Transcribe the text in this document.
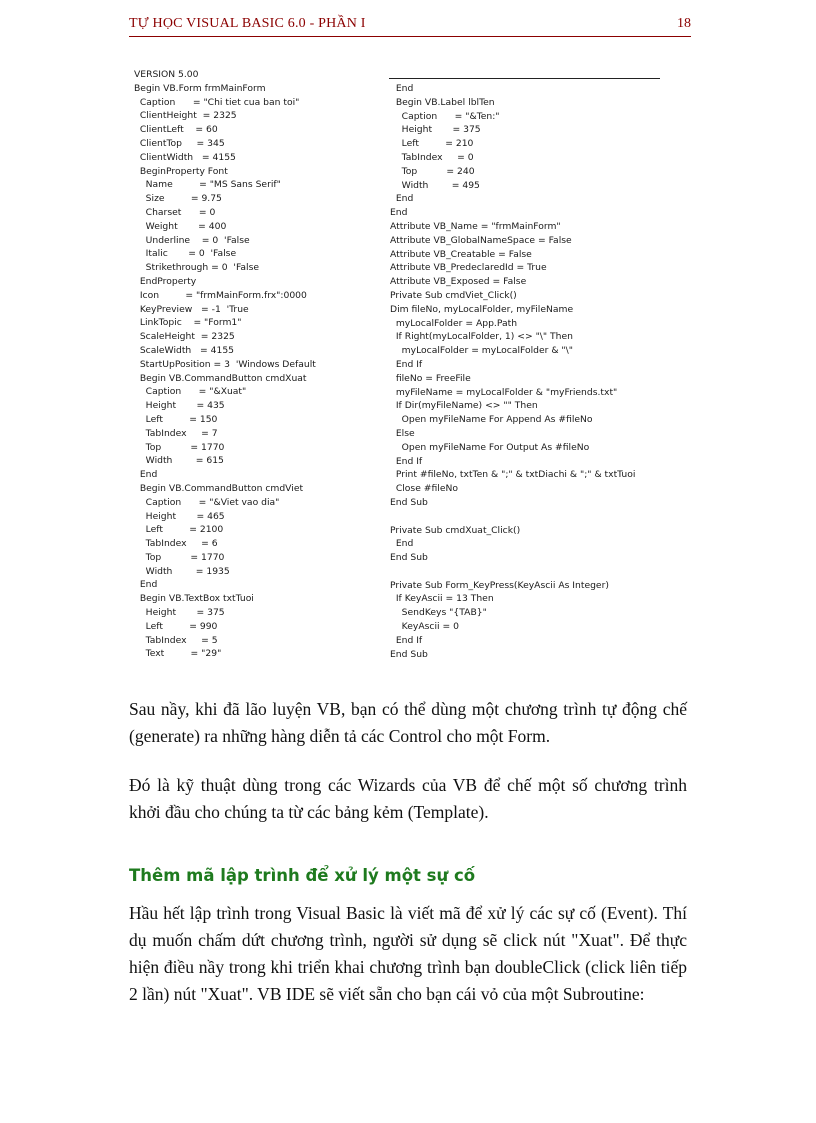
TỰ HỌC VISUAL BASIC 6.0 - PHẦN I	18
VERSION 5.00
Begin VB.Form frmMainForm
Caption      = "Chi tiet cua ban toi"
ClientHeight  = 2325
ClientLeft    = 60
ClientTop     = 345
ClientWidth   = 4155
BeginProperty Font
Name         = "MS Sans Serif"
Size         = 9.75
Charset      = 0
Weight       = 400
Underline    = 0  'False
Italic       = 0  'False
Strikethrough = 0  'False
EndProperty
Icon         = "frmMainForm.frx":0000
KeyPreview   = -1  'True
LinkTopic    = "Form1"
ScaleHeight  = 2325
ScaleWidth   = 4155
StartUpPosition = 3  'Windows Default
Begin VB.CommandButton cmdXuat
Caption      = "&Xuat"
Height       = 435
Left         = 150
TabIndex     = 7
Top          = 1770
Width        = 615
End
Begin VB.CommandButton cmdViet
Caption      = "&Viet vao dia"
Height       = 465
Left         = 2100
TabIndex     = 6
Top          = 1770
Width        = 1935
End
Begin VB.TextBox txtTuoi
Height       = 375
Left         = 990
TabIndex     = 5
Text         = "29"
End
Begin VB.Label lblTen
Caption      = "&Ten:"
Height       = 375
Left         = 210
TabIndex     = 0
Top          = 240
Width        = 495
End
End
Attribute VB_Name = "frmMainForm"
Attribute VB_GlobalNameSpace = False
Attribute VB_Creatable = False
Attribute VB_PredeclaredId = True
Attribute VB_Exposed = False
Private Sub cmdViet_Click()
Dim fileNo, myLocalFolder, myFileName
myLocalFolder = App.Path
If Right(myLocalFolder, 1) <> "\" Then
myLocalFolder = myLocalFolder & "\"
End If
fileNo = FreeFile
myFileName = myLocalFolder & "myFriends.txt"
If Dir(myFileName) <> "" Then
Open myFileName For Append As #fileNo
Else
Open myFileName For Output As #fileNo
End If
Print #fileNo, txtTen & ";" & txtDiachi & ";" & txtTuoi
Close #fileNo
End Sub

Private Sub cmdXuat_Click()
End
End Sub

Private Sub Form_KeyPress(KeyAscii As Integer)
If KeyAscii = 13 Then
SendKeys "{TAB}"
KeyAscii = 0
End If
End Sub

Sau nầy, khi đã lão luyện VB, bạn có thể dùng một chương trình tự động chế (generate) ra những hàng diễn tả các Control cho một Form.

Đó là kỹ thuật dùng trong các Wizards của VB để chế một số chương trình khởi đầu cho chúng ta từ các bảng kẻm (Template).

Thêm mã lập trình để xử lý một sự cố

Hầu hết lập trình trong Visual Basic là viết mã để xử lý các sự cố (Event). Thí dụ muốn chấm dứt chương trình, người sử dụng sẽ click nút "Xuat". Để thực hiện điều nầy trong khi triển khai chương trình bạn doubleClick (click liên tiếp 2 lần) nút "Xuat". VB IDE sẽ viết sẵn cho bạn cái vỏ của một Subroutine:
